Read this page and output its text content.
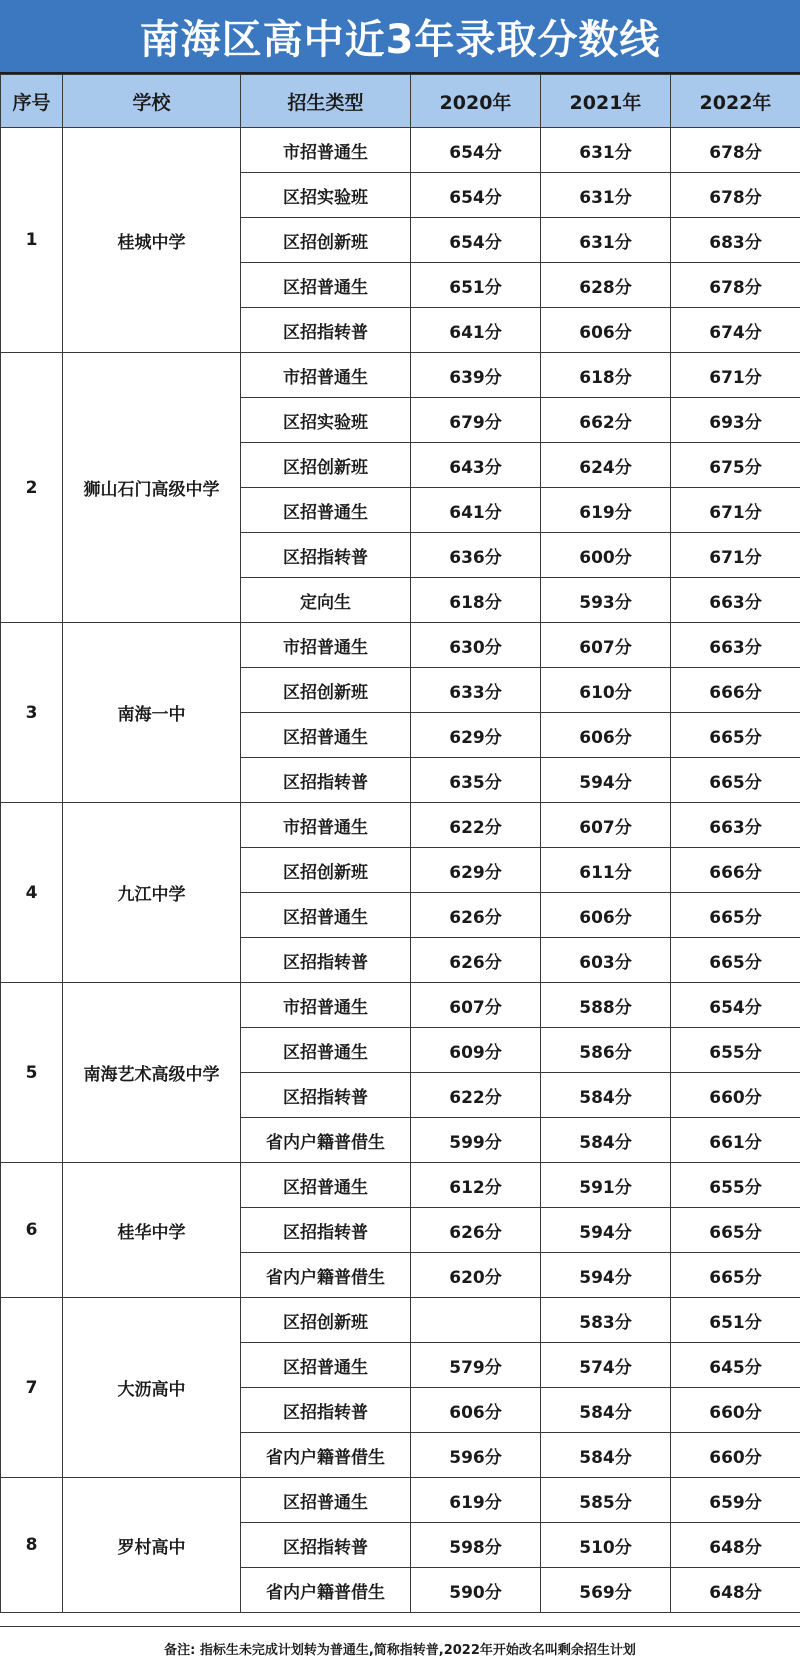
南海区高中近3年录取分数线
序号	学校	招生类型	2020年	2021年	2022年
1	桂城中学	市招普通生	654分	631分	678分
		区招实验班	654分	631分	678分
		区招创新班	654分	631分	683分
		区招普通生	651分	628分	678分
		区招指转普	641分	606分	674分
2	狮山石门高级中学	市招普通生	639分	618分	671分
		区招实验班	679分	662分	693分
		区招创新班	643分	624分	675分
		区招普通生	641分	619分	671分
		区招指转普	636分	600分	671分
		定向生	618分	593分	663分
3	南海一中	市招普通生	630分	607分	663分
		区招创新班	633分	610分	666分
		区招普通生	629分	606分	665分
		区招指转普	635分	594分	665分
4	九江中学	市招普通生	622分	607分	663分
		区招创新班	629分	611分	666分
		区招普通生	626分	606分	665分
		区招指转普	626分	603分	665分
5	南海艺术高级中学	市招普通生	607分	588分	654分
		区招普通生	609分	586分	655分
		区招指转普	622分	584分	660分
		省内户籍普借生	599分	584分	661分
6	桂华中学	区招普通生	612分	591分	655分
		区招指转普	626分	594分	665分
		省内户籍普借生	620分	594分	665分
7	大沥高中	区招创新班		583分	651分
		区招普通生	579分	574分	645分
		区招指转普	606分	584分	660分
		省内户籍普借生	596分	584分	660分
8	罗村高中	区招普通生	619分	585分	659分
		区招指转普	598分	510分	648分
		省内户籍普借生	590分	569分	648分
备注: 指标生未完成计划转为普通生,简称指转普,2022年开始改名叫剩余招生计划
